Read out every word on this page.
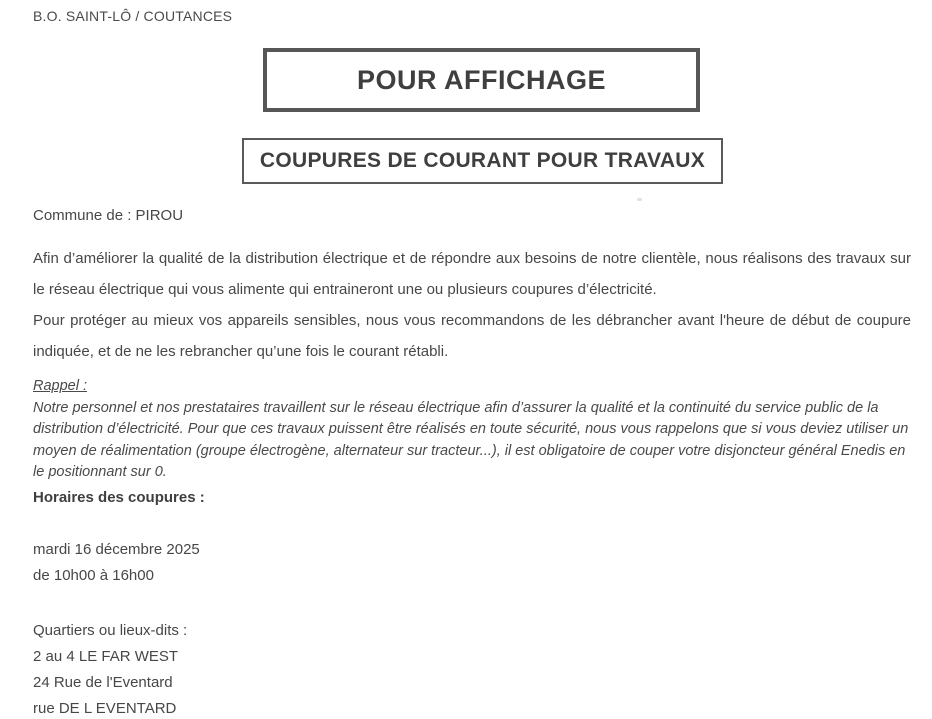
B.O. SAINT-LÔ / COUTANCES
POUR AFFICHAGE
COUPURES DE COURANT POUR TRAVAUX
Commune de : PIROU
Afin d’améliorer la qualité de la distribution électrique et de répondre aux besoins de notre clientèle, nous réalisons des travaux sur le réseau électrique qui vous alimente qui entraineront une ou plusieurs coupures d’électricité.
Pour protéger au mieux vos appareils sensibles, nous vous recommandons de les débrancher avant l'heure de début de coupure indiquée, et de ne les rebrancher qu’une fois le courant rétabli.
Rappel :
Notre personnel et nos prestataires travaillent sur le réseau électrique afin d’assurer la qualité et la continuité du service public de la distribution d’électricité. Pour que ces travaux puissent être réalisés en toute sécurité, nous vous rappelons que si vous deviez utiliser un moyen de réalimentation (groupe électrogène, alternateur sur tracteur...), il est obligatoire de couper votre disjoncteur général Enedis en le positionnant sur 0.
Horaires des coupures :
mardi 16 décembre 2025
de 10h00 à 16h00
Quartiers ou lieux-dits :
2 au 4 LE FAR WEST
24 Rue de l'Eventard
rue DE L EVENTARD
